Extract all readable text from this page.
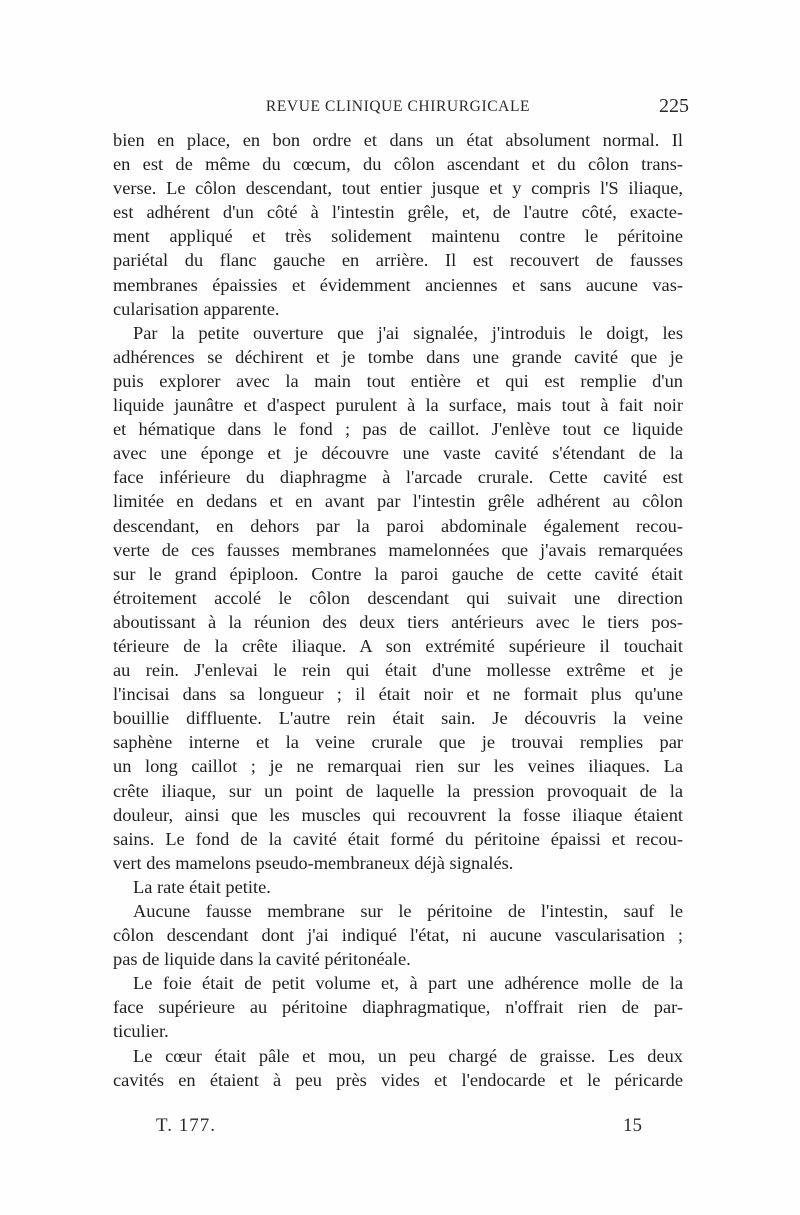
REVUE CLINIQUE CHIRURGICALE	225
bien en place, en bon ordre et dans un état absolument normal. Il
en est de même du cœcum, du côlon ascendant et du côlon trans-
verse. Le côlon descendant, tout entier jusque et y compris l'S iliaque,
est adhérent d'un côté à l'intestin grêle, et, de l'autre côté, exacte-
ment appliqué et très solidement maintenu contre le péritoine
pariétal du flanc gauche en arrière. Il est recouvert de fausses
membranes épaissies et évidemment anciennes et sans aucune vas-
cularisation apparente.
Par la petite ouverture que j'ai signalée, j'introduis le doigt, les
adhérences se déchirent et je tombe dans une grande cavité que je
puis explorer avec la main tout entière et qui est remplie d'un
liquide jaunâtre et d'aspect purulent à la surface, mais tout à fait noir
et hématique dans le fond ; pas de caillot. J'enlève tout ce liquide
avec une éponge et je découvre une vaste cavité s'étendant de la
face inférieure du diaphragme à l'arcade crurale. Cette cavité est
limitée en dedans et en avant par l'intestin grêle adhérent au côlon
descendant, en dehors par la paroi abdominale également recou-
verte de ces fausses membranes mamelonnées que j'avais remarquées
sur le grand épiploon. Contre la paroi gauche de cette cavité était
étroitement accolé le côlon descendant qui suivait une direction
aboutissant à la réunion des deux tiers antérieurs avec le tiers pos-
térieure de la crête iliaque. A son extrémité supérieure il touchait
au rein. J'enlevai le rein qui était d'une mollesse extrême et je
l'incisai dans sa longueur ; il était noir et ne formait plus qu'une
bouillie diffluente. L'autre rein était sain. Je découvris la veine
saphène interne et la veine crurale que je trouvai remplies par
un long caillot ; je ne remarquai rien sur les veines iliaques. La
crête iliaque, sur un point de laquelle la pression provoquait de la
douleur, ainsi que les muscles qui recouvrent la fosse iliaque étaient
sains. Le fond de la cavité était formé du péritoine épaissi et recou-
vert des mamelons pseudo-membraneux déjà signalés.
La rate était petite.
Aucune fausse membrane sur le péritoine de l'intestin, sauf le
côlon descendant dont j'ai indiqué l'état, ni aucune vascularisation ;
pas de liquide dans la cavité péritonéale.
Le foie était de petit volume et, à part une adhérence molle de la
face supérieure au péritoine diaphragmatique, n'offrait rien de par-
ticulier.
Le cœur était pâle et mou, un peu chargé de graisse. Les deux
cavités en étaient à peu près vides et l'endocarde et le péricarde
T. 177.	15
